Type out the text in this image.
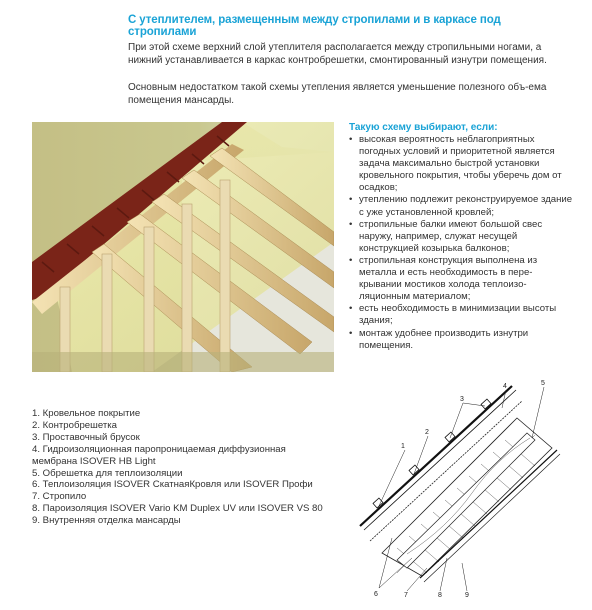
С утеплителем, размещенным между стропилами и в каркасе под стропилами
При этой схеме верхний слой утеплителя располагается между стропильными ногами, а нижний устанавливается в каркас контробрешетки, смонтированный изнутри помещения.
Основным недостатком такой схемы утепления является уменьшение полезного объ-ема помещения мансарды.
Такую схему выбирают, если:
• высокая вероятность неблагоприятных погодных условий и приоритетной является задача максимально быстрой установки кровельного покрытия, чтобы уберечь дом от осадков;
• утеплению подлежит реконструируемое здание с уже установленной кровлей;
• стропильные балки имеют большой свес наружу, например, служат несущей конструкцией козырька балконов;
• стропильная конструкция выполнена из металла и есть необходимость в пере-крывании мостиков холода теплоизо-ляционным материалом;
• есть необходимость в минимизации высоты здания;
• монтаж удобнее производить изнутри помещения.
1. Кровельное покрытие
2. Контробрешетка
3. Проставочный брусок
4. Гидроизоляционная паропроницаемая диффузионная
мембрана ISOVER HB Light
5. Обрешетка для теплоизоляции
6. Теплоизоляция ISOVER СкатнаяКровля или ISOVER Профи
7. Стропило
8. Пароизоляция ISOVER Vario KM Duplex UV или ISOVER VS 80
9. Внутренняя отделка мансарды
1
2
3
4	5
6	7	8	9
